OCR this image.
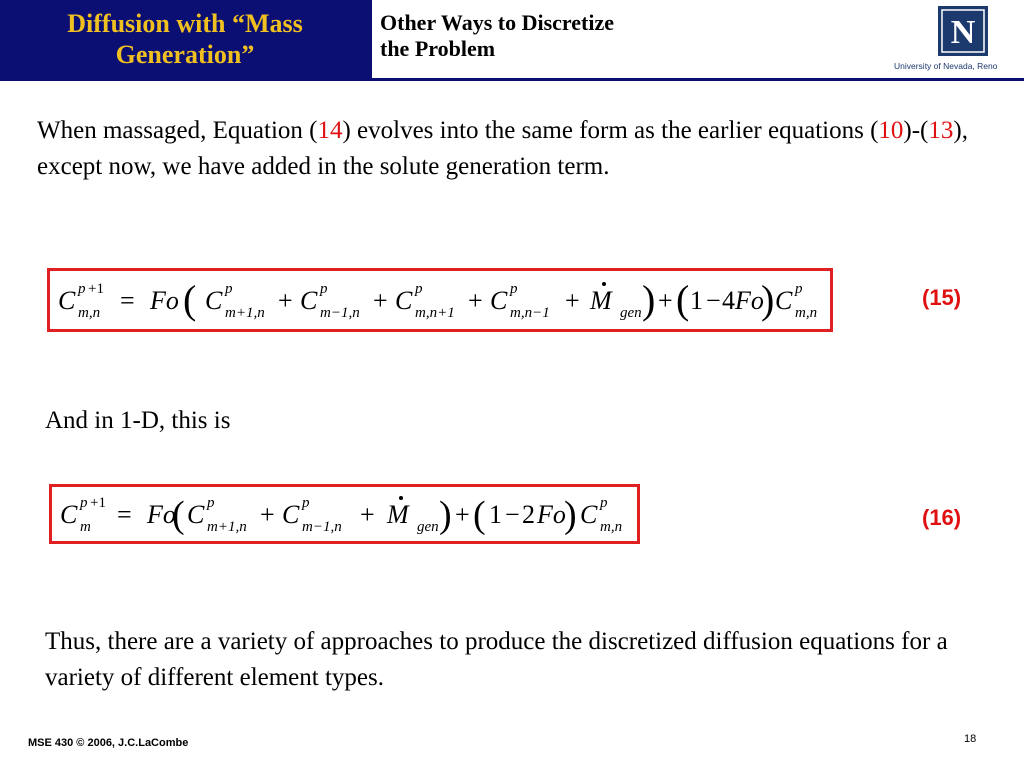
Diffusion with “Mass
Generation”
Other Ways to Discretize
the Problem	N
University of Nevada, Reno
When massaged, Equation (14) evolves into the same form as the earlier equations (10)-(13), except now, we have added in the solute generation term.
C	C	C	C	C	M	Fo C
Fo
p
m,n
p
m+1,n
p
m−1,n
p
m,n+1
p
m,n−1	gen
p
m,n
+1 =	+	+	+	+	+ 1 − 4
(	) ( )	(15)
And in 1-D, this is
C	Fo C	C	M	Fo C
p
m
p
m+1,n
p
m−1,n	gen
p
m,n
+1 =	+	+	+ 1 − 2
(	) ( )	(16)
Thus, there are a variety of approaches to produce the discretized diffusion equations for a variety of different element types.
MSE 430 © 2006, J.C.LaCombe	18
